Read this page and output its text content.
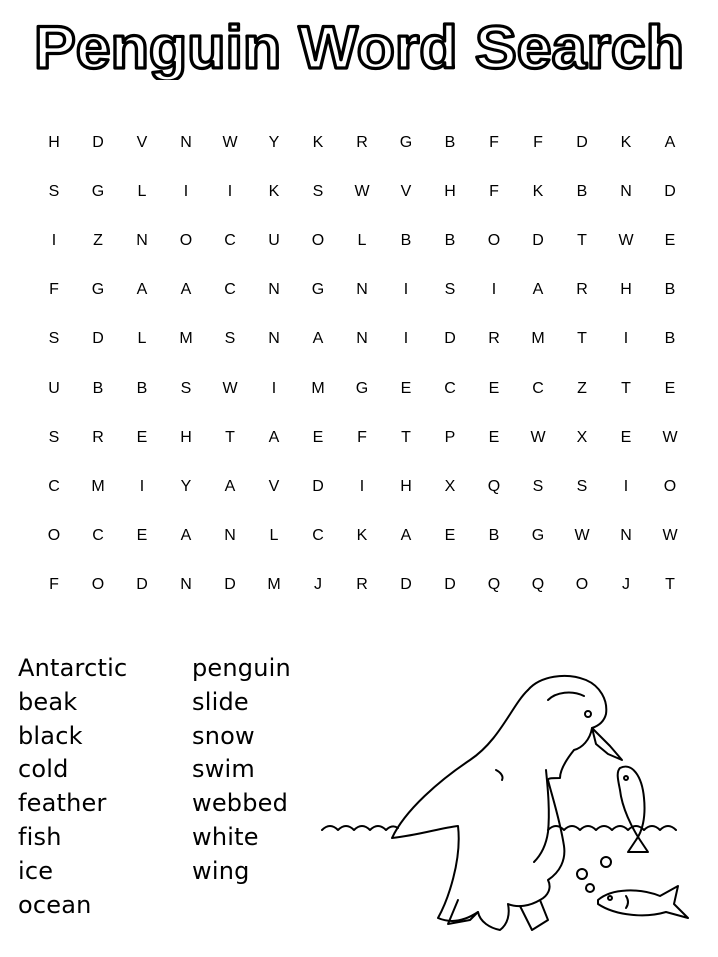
Penguin Word Search
H	D	V	N	W	Y	K	R	G	B	F	F	D	K	A
S	G	L	I	I	K	S	W	V	H	F	K	B	N	D
I	Z	N	O	C	U	O	L	B	B	O	D	T	W	E
F	G	A	A	C	N	G	N	I	S	I	A	R	H	B
S	D	L	M	S	N	A	N	I	D	R	M	T	I	B
U	B	B	S	W	I	M	G	E	C	E	C	Z	T	E
S	R	E	H	T	A	E	F	T	P	E	W	X	E	W
C	M	I	Y	A	V	D	I	H	X	Q	S	S	I	O
O	C	E	A	N	L	C	K	A	E	B	G	W	N	W
F	O	D	N	D	M	J	R	D	D	Q	Q	O	J	T
Antarctic
beak
black
cold
feather
fish
ice
ocean
penguin
slide
snow
swim
webbed
white
wing
